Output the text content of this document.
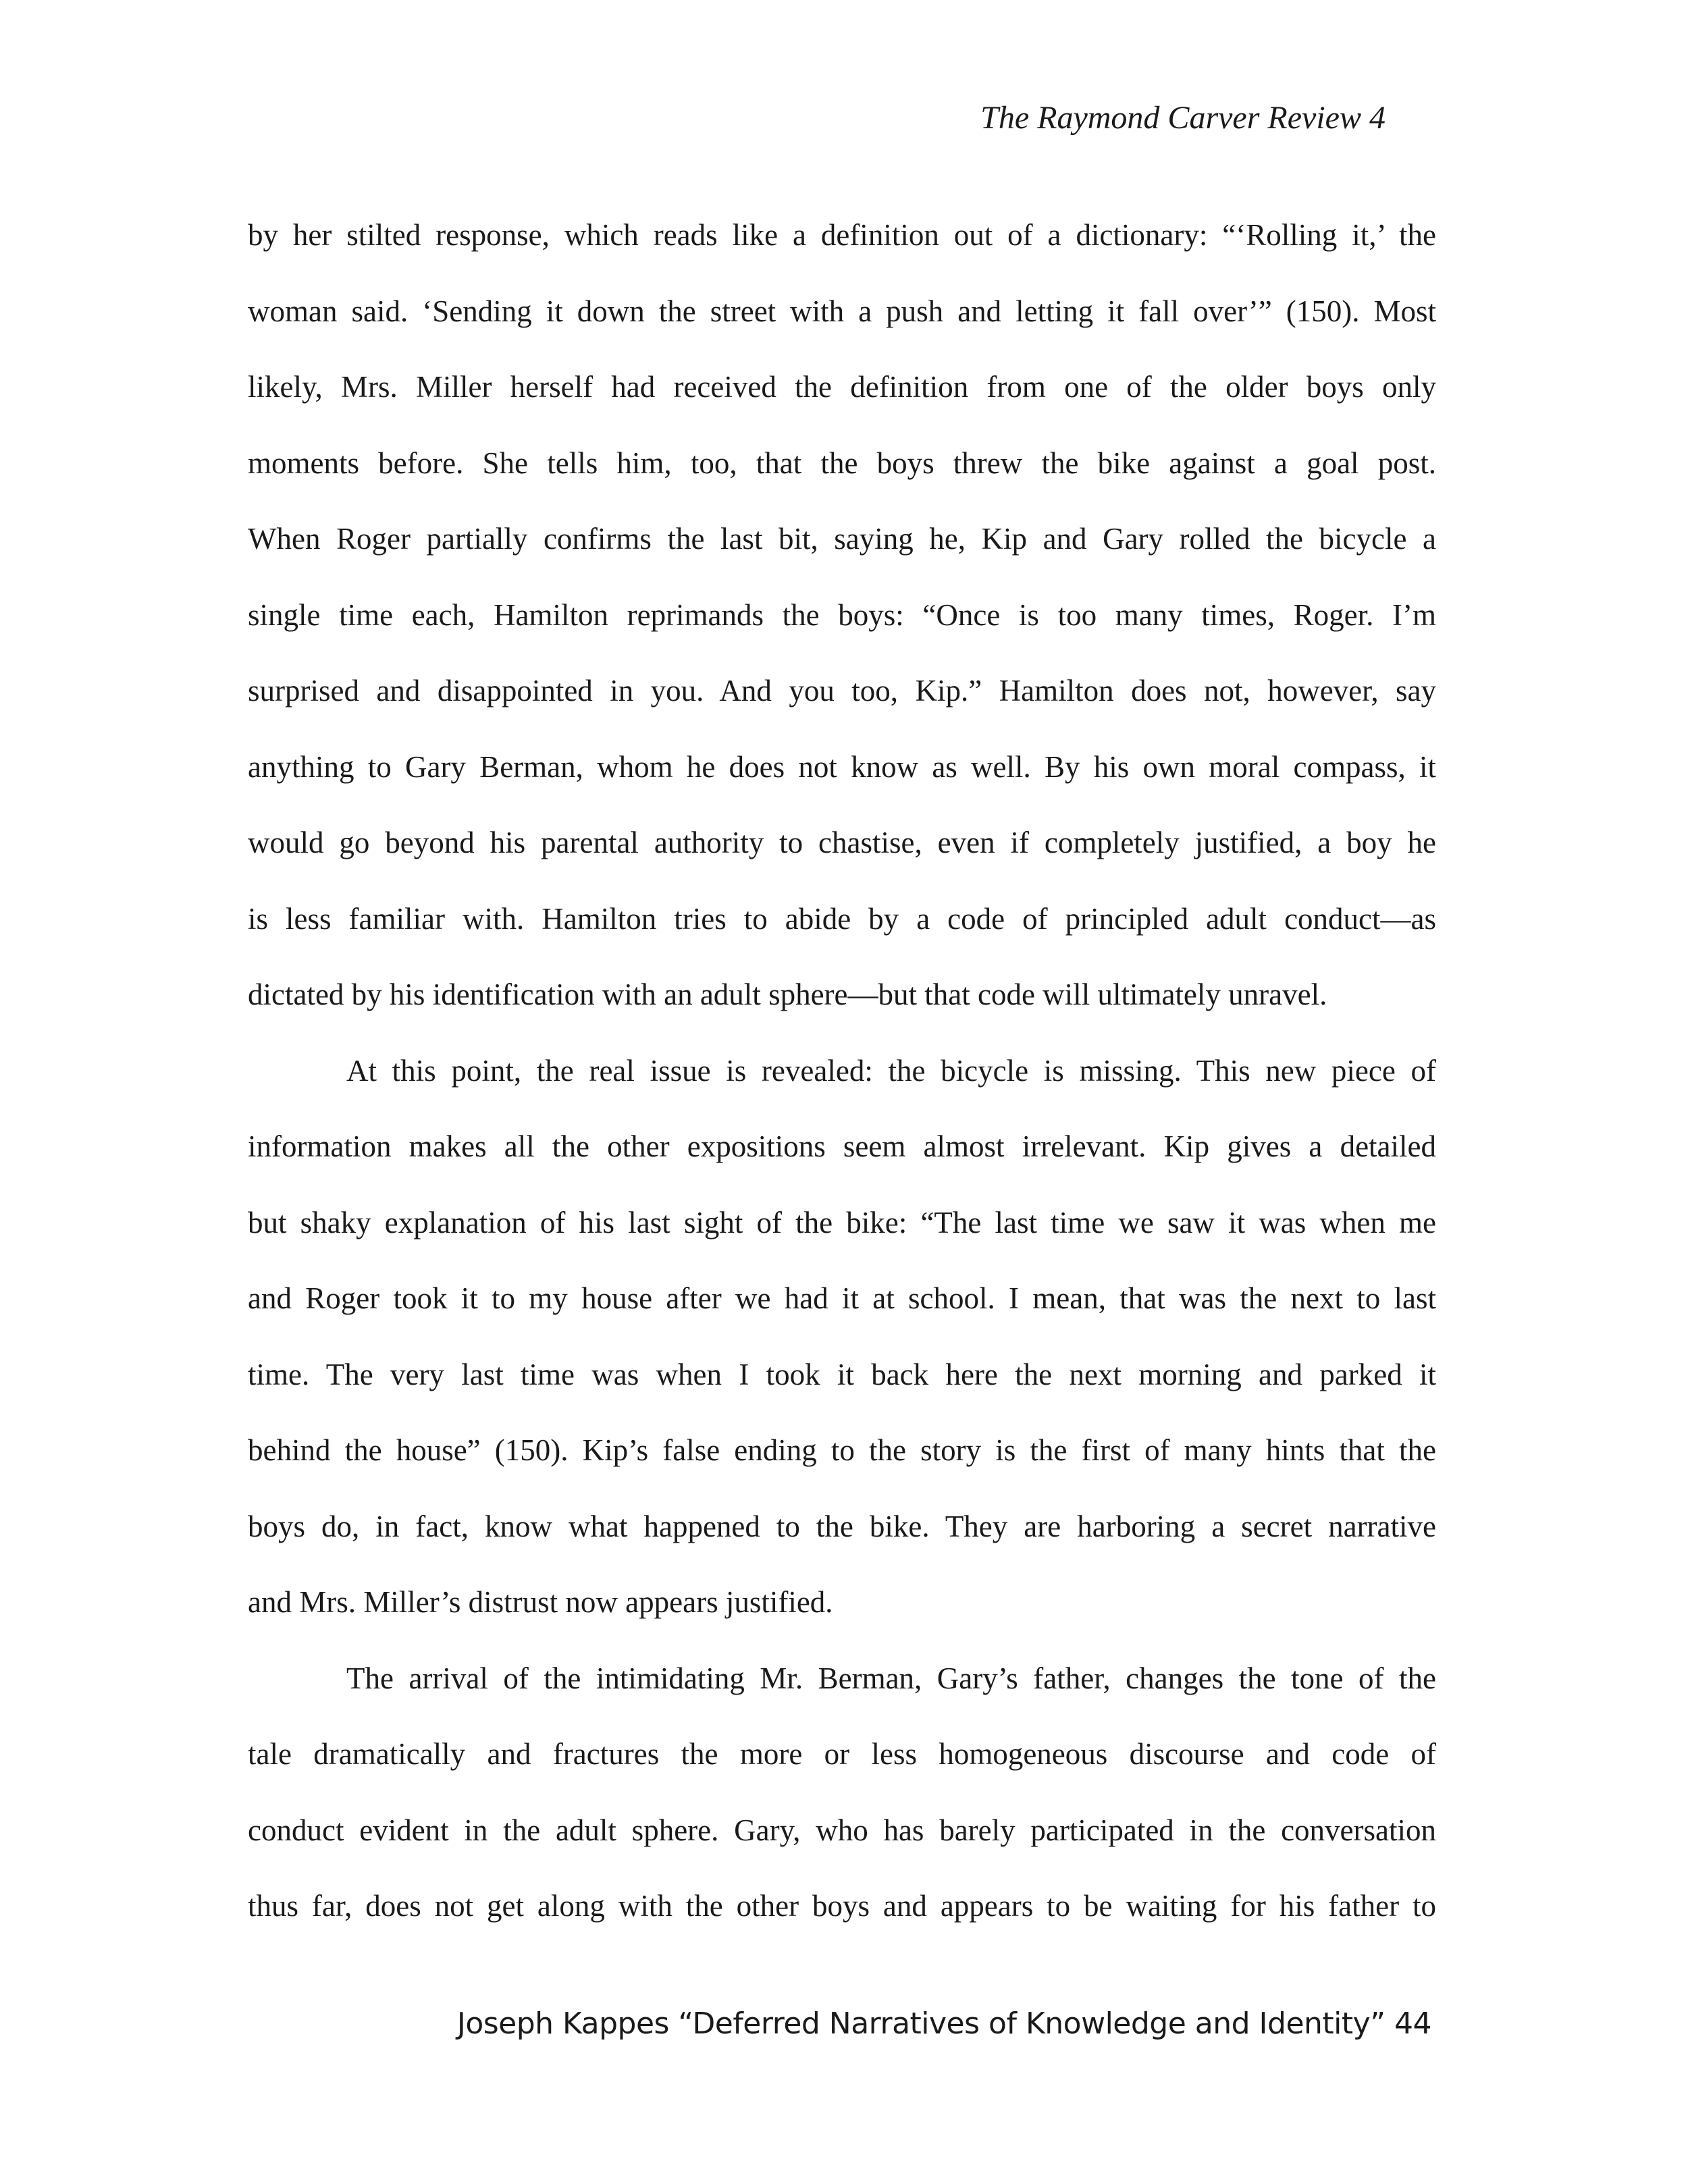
The Raymond Carver Review 4
by her stilted response, which reads like a definition out of a dictionary: “‘Rolling it,’ the
woman said. ‘Sending it down the street with a push and letting it fall over’” (150). Most
likely, Mrs. Miller herself had received the definition from one of the older boys only
moments before. She tells him, too, that the boys threw the bike against a goal post.
When Roger partially confirms the last bit, saying he, Kip and Gary rolled the bicycle a
single time each, Hamilton reprimands the boys: “Once is too many times, Roger. I’m
surprised and disappointed in you. And you too, Kip.” Hamilton does not, however, say
anything to Gary Berman, whom he does not know as well. By his own moral compass, it
would go beyond his parental authority to chastise, even if completely justified, a boy he
is less familiar with. Hamilton tries to abide by a code of principled adult conduct—as
dictated by his identification with an adult sphere—but that code will ultimately unravel.
At this point, the real issue is revealed: the bicycle is missing. This new piece of
information makes all the other expositions seem almost irrelevant. Kip gives a detailed
but shaky explanation of his last sight of the bike: “The last time we saw it was when me
and Roger took it to my house after we had it at school. I mean, that was the next to last
time. The very last time was when I took it back here the next morning and parked it
behind the house” (150). Kip’s false ending to the story is the first of many hints that the
boys do, in fact, know what happened to the bike. They are harboring a secret narrative
and Mrs. Miller’s distrust now appears justified.
The arrival of the intimidating Mr. Berman, Gary’s father, changes the tone of the
tale dramatically and fractures the more or less homogeneous discourse and code of
conduct evident in the adult sphere. Gary, who has barely participated in the conversation
thus far, does not get along with the other boys and appears to be waiting for his father to
Joseph Kappes “Deferred Narratives of Knowledge and Identity” 44
